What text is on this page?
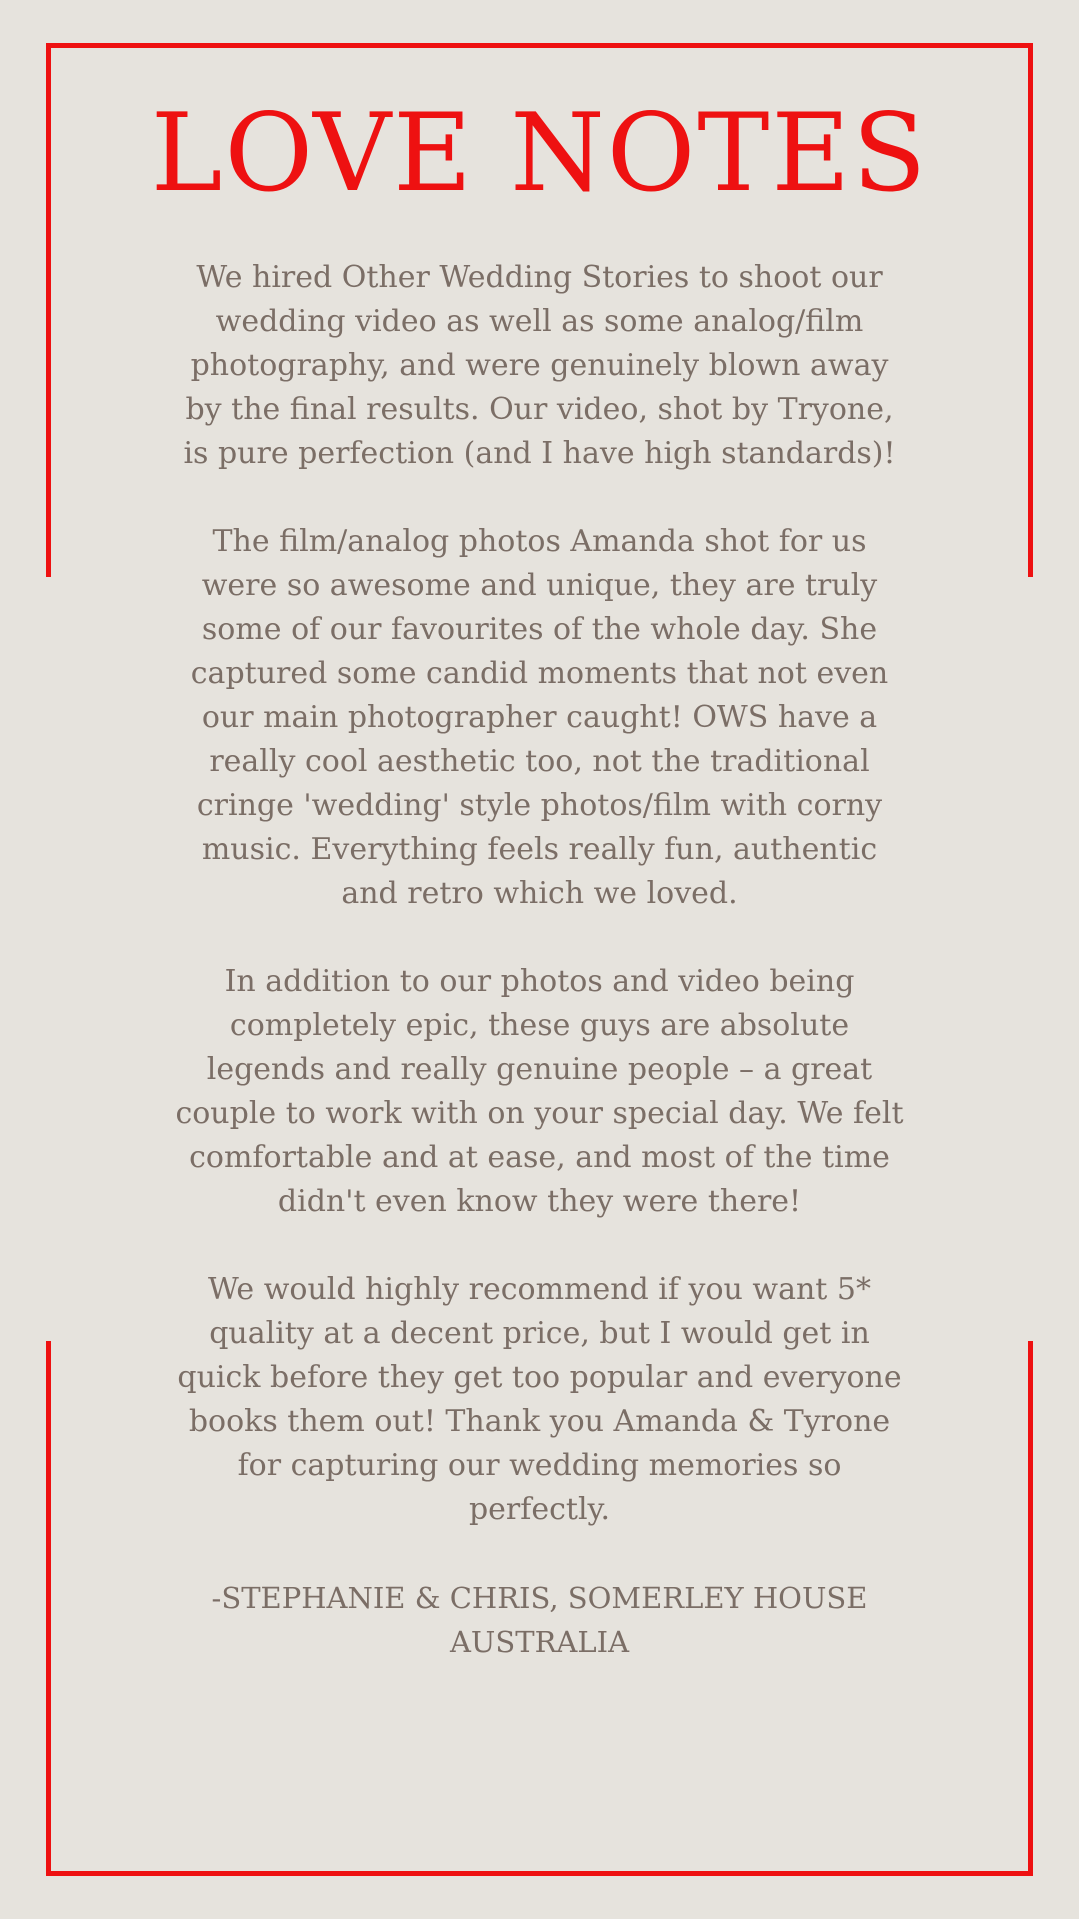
LOVE NOTES

We hired Other Wedding Stories to shoot our wedding video as well as some analog/film photography, and were genuinely blown away by the final results. Our video, shot by Tryone, is pure perfection (and I have high standards)!

The film/analog photos Amanda shot for us were so awesome and unique, they are truly some of our favourites of the whole day. She captured some candid moments that not even our main photographer caught! OWS have a really cool aesthetic too, not the traditional cringe 'wedding' style photos/film with corny music. Everything feels really fun, authentic and retro which we loved.

In addition to our photos and video being completely epic, these guys are absolute legends and really genuine people – a great couple to work with on your special day. We felt comfortable and at ease, and most of the time didn't even know they were there!

We would highly recommend if you want 5* quality at a decent price, but I would get in quick before they get too popular and everyone books them out! Thank you Amanda & Tyrone for capturing our wedding memories so perfectly.

-STEPHANIE & CHRIS, SOMERLEY HOUSE AUSTRALIA
